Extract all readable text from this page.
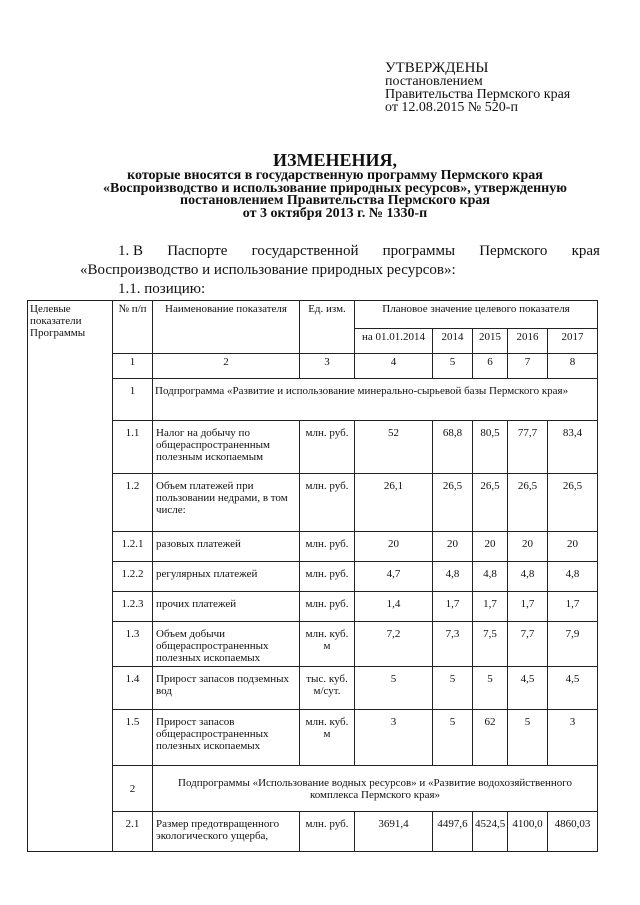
УТВЕРЖДЕНЫ
постановлением
Правительства Пермского края
от 12.08.2015 № 520-п
ИЗМЕНЕНИЯ,
которые вносятся в государственную программу Пермского края
«Воспроизводство и использование природных ресурсов», утвержденную
постановлением Правительства Пермского края
от 3 октября 2013 г. № 1330-п
1. В Паспорте государственной программы Пермского края
«Воспроизводство и использование природных ресурсов»:
1.1. позицию:
Целевые показатели Программы	№ п/п	Наименование показателя	Ед. изм.	Плановое значение целевого показателя				
				на 01.01.2014	2014	2015	2016	2017
	1	2	3	4	5	6	7	8
	1	Подпрограмма «Развитие и использование минерально-сырьевой базы Пермского края»						

	1.1	Налог на добычу по общераспространенным полезным ископаемым	млн. руб.	52	68,8	80,5	77,7	83,4
	1.2	Объем платежей при пользовании недрами, в том числе:	млн. руб.	26,1	26,5	26,5	26,5	26,5
	1.2.1	разовых платежей	млн. руб.	20	20	20	20	20
	1.2.2	регулярных платежей	млн. руб.	4,7	4,8	4,8	4,8	4,8
	1.2.3	прочих платежей	млн. руб.	1,4	1,7	1,7	1,7	1,7
	1.3	Объем добычи общераспространенных полезных ископаемых	млн. куб. м	7,2	7,3	7,5	7,7	7,9
	1.4	Прирост запасов подземных вод	тыс. куб. м/сут.	5	5	5	4,5	4,5
	1.5	Прирост запасов общераспространенных полезных ископаемых	млн. куб. м	3	5	62	5	3
	2	Подпрограммы «Использование водных ресурсов» и «Развитие водохозяйственного комплекса Пермского края»						
	2.1	Размер предотвращенного экологического ущерба,	млн. руб.	3691,4	4497,6	4524,5	4100,0	4860,03
